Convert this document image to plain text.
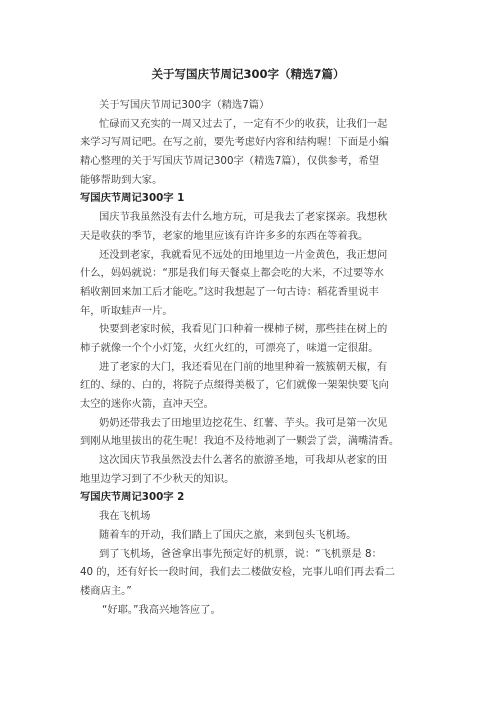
关于写国庆节周记300字（精选7篇）
关于写国庆节周记300字（精选7篇）
忙碌而又充实的一周又过去了，一定有不少的收获，让我们一起
来学习写周记吧。在写之前，要先考虑好内容和结构喔！下面是小编
精心整理的关于写国庆节周记300字（精选7篇），仅供参考，希望
能够帮助到大家。
写国庆节周记300字 1
国庆节我虽然没有去什么地方玩，可是我去了老家探亲。我想秋
天是收获的季节，老家的地里应该有许许多多的东西在等着我。
还没到老家，我就看见不远处的田地里边一片金黄色，我正想问
什么，妈妈就说：“那是我们每天餐桌上都会吃的大米，不过要等水
稻收割回来加工后才能吃。”这时我想起了一句古诗：稻花香里说丰
年，听取蛙声一片。
快要到老家时候，我看见门口种着一棵柿子树，那些挂在树上的
柿子就像一个个小灯笼，火红火红的，可漂亮了，味道一定很甜。
进了老家的大门，我还看见在门前的地里种着一簇簇朝天椒，有
红的、绿的、白的，将院子点缀得美极了，它们就像一架架快要飞向
太空的迷你火箭，直冲天空。
奶奶还带我去了田地里边挖花生、红薯、芋头。我可是第一次见
到刚从地里拔出的花生呢！我迫不及待地剥了一颗尝了尝，满嘴清香。
这次国庆节我虽然没去什么著名的旅游圣地，可我却从老家的田
地里边学习到了不少秋天的知识。
写国庆节周记300字 2
我在飞机场
随着车的开动，我们踏上了国庆之旅，来到包头飞机场。
到了飞机场，爸爸拿出事先预定好的机票，说：“飞机票是 8：
40 的，还有好长一段时间，我们去二楼做安检，完事儿咱们再去看二
楼商店主。”
“好耶。”我高兴地答应了。
